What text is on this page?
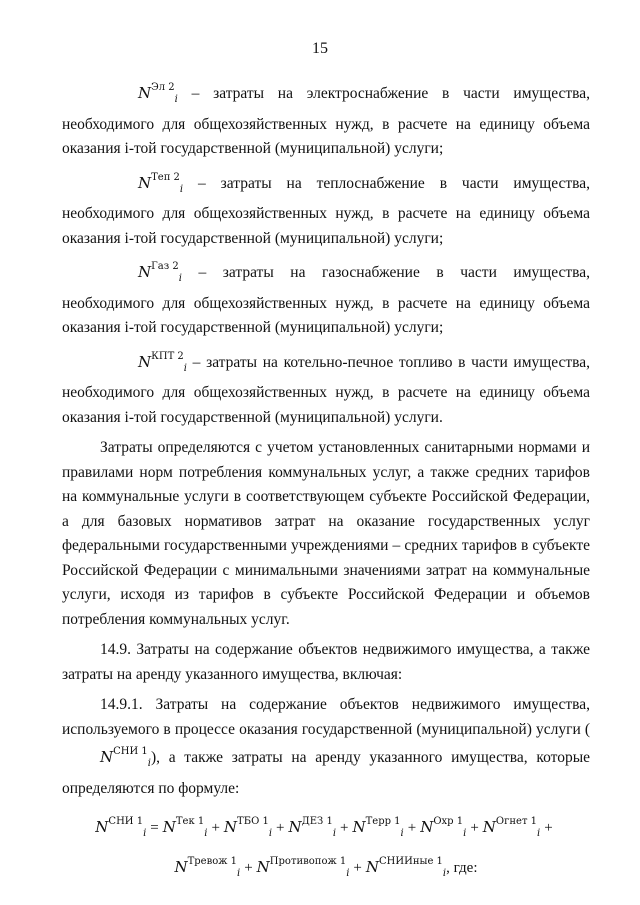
15

$N^{Эл 2}_i$ – затраты на электроснабжение в части имущества, необходимого для общехозяйственных нужд, в расчете на единицу объема оказания i-той государственной (муниципальной) услуги;

$N^{Теп 2}_i$ – затраты на теплоснабжение в части имущества, необходимого для общехозяйственных нужд, в расчете на единицу объема оказания i-той государственной (муниципальной) услуги;

$N^{Газ 2}_i$ – затраты на газоснабжение в части имущества, необходимого для общехозяйственных нужд, в расчете на единицу объема оказания i-той государственной (муниципальной) услуги;

$N^{КПТ 2}_i$ – затраты на котельно-печное топливо в части имущества, необходимого для общехозяйственных нужд, в расчете на единицу объема оказания i-той государственной (муниципальной) услуги.

Затраты определяются с учетом установленных санитарными нормами и правилами норм потребления коммунальных услуг, а также средних тарифов на коммунальные услуги в соответствующем субъекте Российской Федерации, а для базовых нормативов затрат на оказание государственных услуг федеральными государственными учреждениями – средних тарифов в субъекте Российской Федерации с минимальными значениями затрат на коммунальные услуги, исходя из тарифов в субъекте Российской Федерации и объемов потребления коммунальных услуг.

14.9. Затраты на содержание объектов недвижимого имущества, а также затраты на аренду указанного имущества, включая:

14.9.1. Затраты на содержание объектов недвижимого имущества, используемого в процессе оказания государственной (муниципальной) услуги $(N^{СНИ 1}_i)$, а также затраты на аренду указанного имущества, которые определяются по формуле:

$N^{СНИ 1}_i = N^{Тек 1}_i + N^{ТБО 1}_i + N^{ДЕЗ 1}_i + N^{Терр 1}_i + N^{Охр 1}_i + N^{Огнет 1}_i$ +
$N^{Тревож 1}_i + N^{Противопож 1}_i + N^{СНИИные 1}_i$, где:
